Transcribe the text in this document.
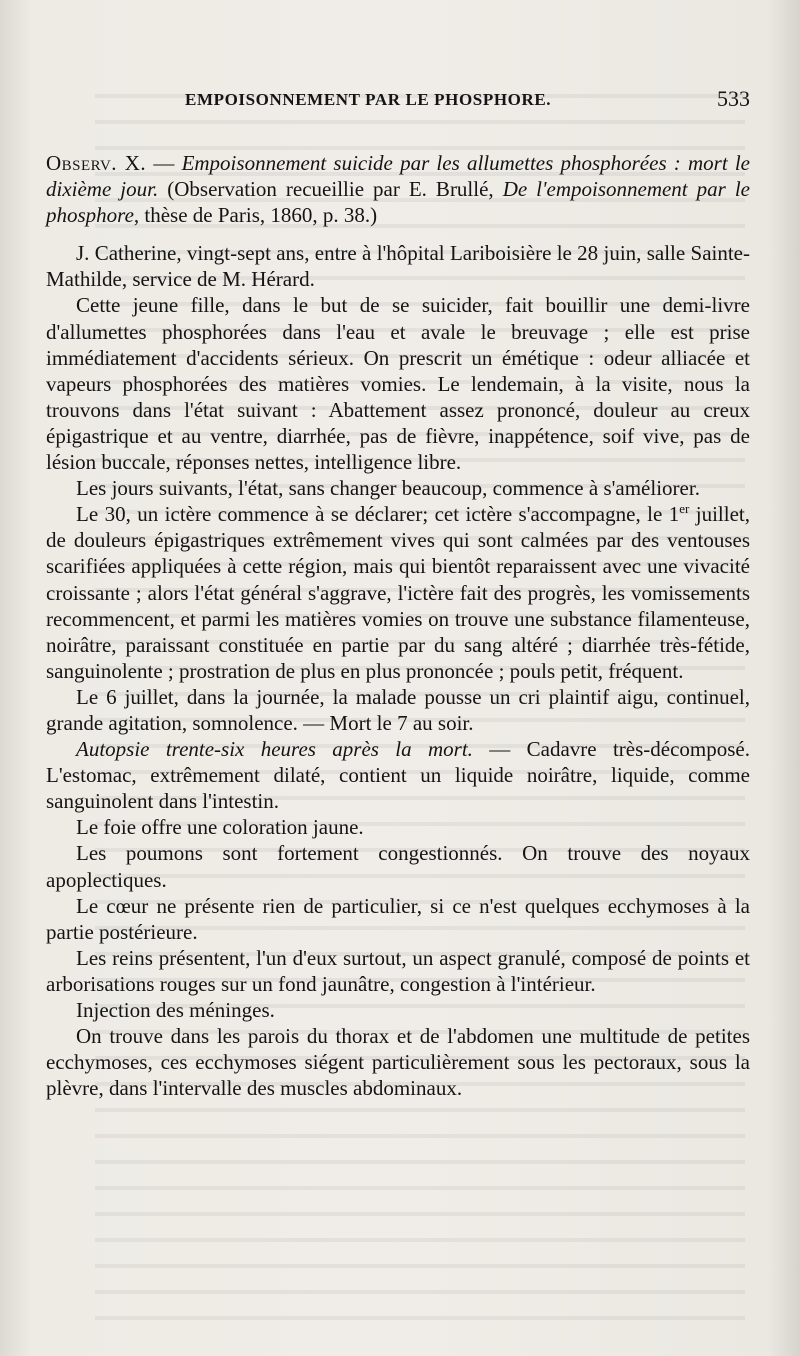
EMPOISONNEMENT PAR LE PHOSPHORE.	533

Observ. X. — Empoisonnement suicide par les allumettes phosphorées : mort le dixième jour. (Observation recueillie par E. Brullé, De l'empoisonnement par le phosphore, thèse de Paris, 1860, p. 38.)

J. Catherine, vingt-sept ans, entre à l'hôpital Lariboisière le 28 juin, salle Sainte-Mathilde, service de M. Hérard.

Cette jeune fille, dans le but de se suicider, fait bouillir une demi-livre d'allumettes phosphorées dans l'eau et avale le breuvage ; elle est prise immédiatement d'accidents sérieux. On prescrit un émétique : odeur alliacée et vapeurs phosphorées des matières vomies. Le lendemain, à la visite, nous la trouvons dans l'état suivant : Abattement assez prononcé, douleur au creux épigastrique et au ventre, diarrhée, pas de fièvre, inappétence, soif vive, pas de lésion buccale, réponses nettes, intelligence libre.

Les jours suivants, l'état, sans changer beaucoup, commence à s'améliorer.

Le 30, un ictère commence à se déclarer; cet ictère s'accompagne, le 1er juillet, de douleurs épigastriques extrêmement vives qui sont calmées par des ventouses scarifiées appliquées à cette région, mais qui bientôt reparaissent avec une vivacité croissante ; alors l'état général s'aggrave, l'ictère fait des progrès, les vomissements recommencent, et parmi les matières vomies on trouve une substance filamenteuse, noirâtre, paraissant constituée en partie par du sang altéré ; diarrhée très-fétide, sanguinolente ; prostration de plus en plus prononcée ; pouls petit, fréquent.

Le 6 juillet, dans la journée, la malade pousse un cri plaintif aigu, continuel, grande agitation, somnolence. — Mort le 7 au soir.

Autopsie trente-six heures après la mort. — Cadavre très-décomposé. L'estomac, extrêmement dilaté, contient un liquide noirâtre, liquide, comme sanguinolent dans l'intestin.

Le foie offre une coloration jaune.

Les poumons sont fortement congestionnés. On trouve des noyaux apoplectiques.

Le cœur ne présente rien de particulier, si ce n'est quelques ecchymoses à la partie postérieure.

Les reins présentent, l'un d'eux surtout, un aspect granulé, composé de points et arborisations rouges sur un fond jaunâtre, congestion à l'intérieur.

Injection des méninges.

On trouve dans les parois du thorax et de l'abdomen une multitude de petites ecchymoses, ces ecchymoses siégent particulièrement sous les pectoraux, sous la plèvre, dans l'intervalle des muscles abdominaux.
